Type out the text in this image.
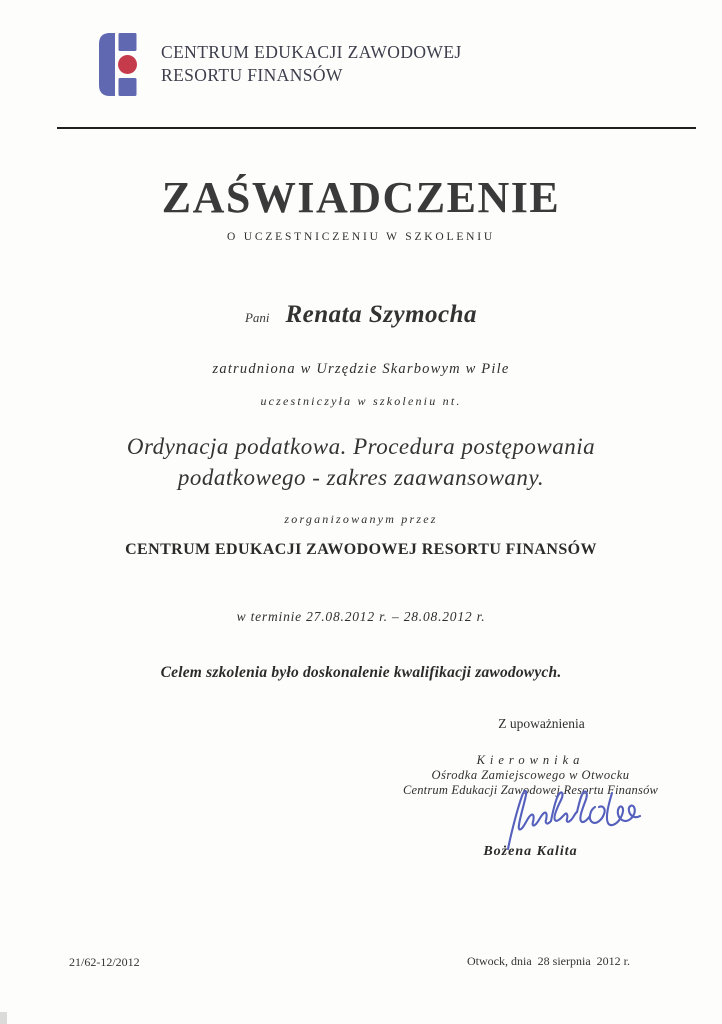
CENTRUM EDUKACJI ZAWODOWEJ
RESORTU FINANSÓW
ZAŚWIADCZENIE
O UCZESTNICZENIU W SZKOLENIU
Pani Renata Szymocha
zatrudniona w Urzędzie Skarbowym w Pile
uczestniczyła w szkoleniu nt.
Ordynacja podatkowa. Procedura postępowania
podatkowego - zakres zaawansowany.
zorganizowanym przez
CENTRUM EDUKACJI ZAWODOWEJ RESORTU FINANSÓW
w terminie 27.08.2012 r. – 28.08.2012 r.
Celem szkolenia było doskonalenie kwalifikacji zawodowych.
Z upoważnienia
Kierownika
Ośrodka Zamiejscowego w Otwocku
Centrum Edukacji Zawodowej Resortu Finansów
Bożena Kalita
21/62-12/2012	Otwock, dnia  28 sierpnia  2012 r.
